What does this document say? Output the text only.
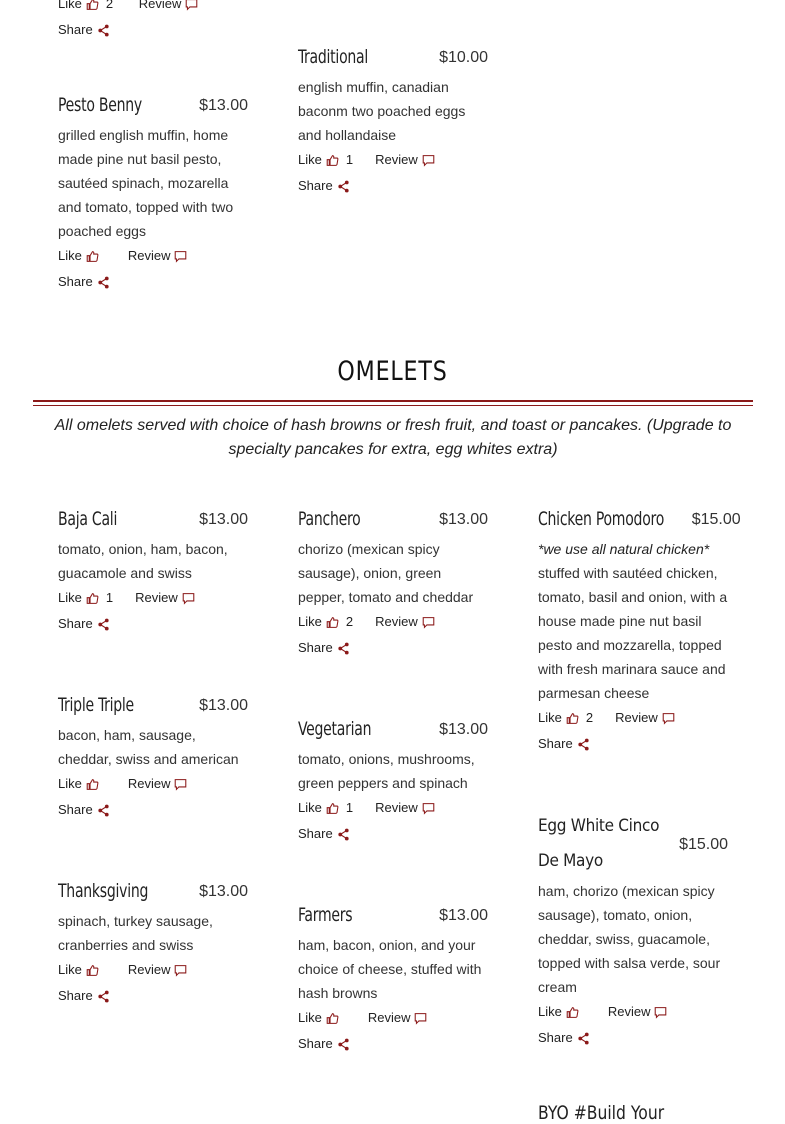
Like 2
Review
Share
Pesto Benny	$13.00
grilled english muffin, home made pine nut basil pesto, sautéed spinach, mozarella and tomato, topped with two poached eggs
Like	Review
Share
Traditional	$10.00
english muffin, canadian baconm two poached eggs and hollandaise
Like 1 Review
Share
OMELETS
All omelets served with choice of hash browns or fresh fruit, and toast or pancakes. (Upgrade to specialty pancakes for extra, egg whites extra)
Baja Cali	$13.00
tomato, onion, ham, bacon, guacamole and swiss
Like 1 Review
Share
Panchero	$13.00
chorizo (mexican spicy sausage), onion, green pepper, tomato and cheddar
Like 2 Review
Share
Chicken Pomodoro $15.00
*we use all natural chicken*
stuffed with sautéed chicken, tomato, basil and onion, with a house made pine nut basil pesto and mozzarella, topped with fresh marinara sauce and parmesan cheese
Like 2 Review
Share
Triple Triple	$13.00
bacon, ham, sausage, cheddar, swiss and american
Like	Review
Share
Vegetarian	$13.00
tomato, onions, mushrooms, green peppers and spinach
Like 1 Review
Share	Egg White Cinco De Mayo
$15.00
ham, chorizo (mexican spicy sausage), tomato, onion, cheddar, swiss, guacamole, topped with salsa verde, sour cream
Like	Review
Share
Thanksgiving	$13.00
spinach, turkey sausage, cranberries and swiss
Like	Review
Share
Farmers	$13.00
ham, bacon, onion, and your choice of cheese, stuffed with hash browns
Like	Review
Share
BYO #Build Your
